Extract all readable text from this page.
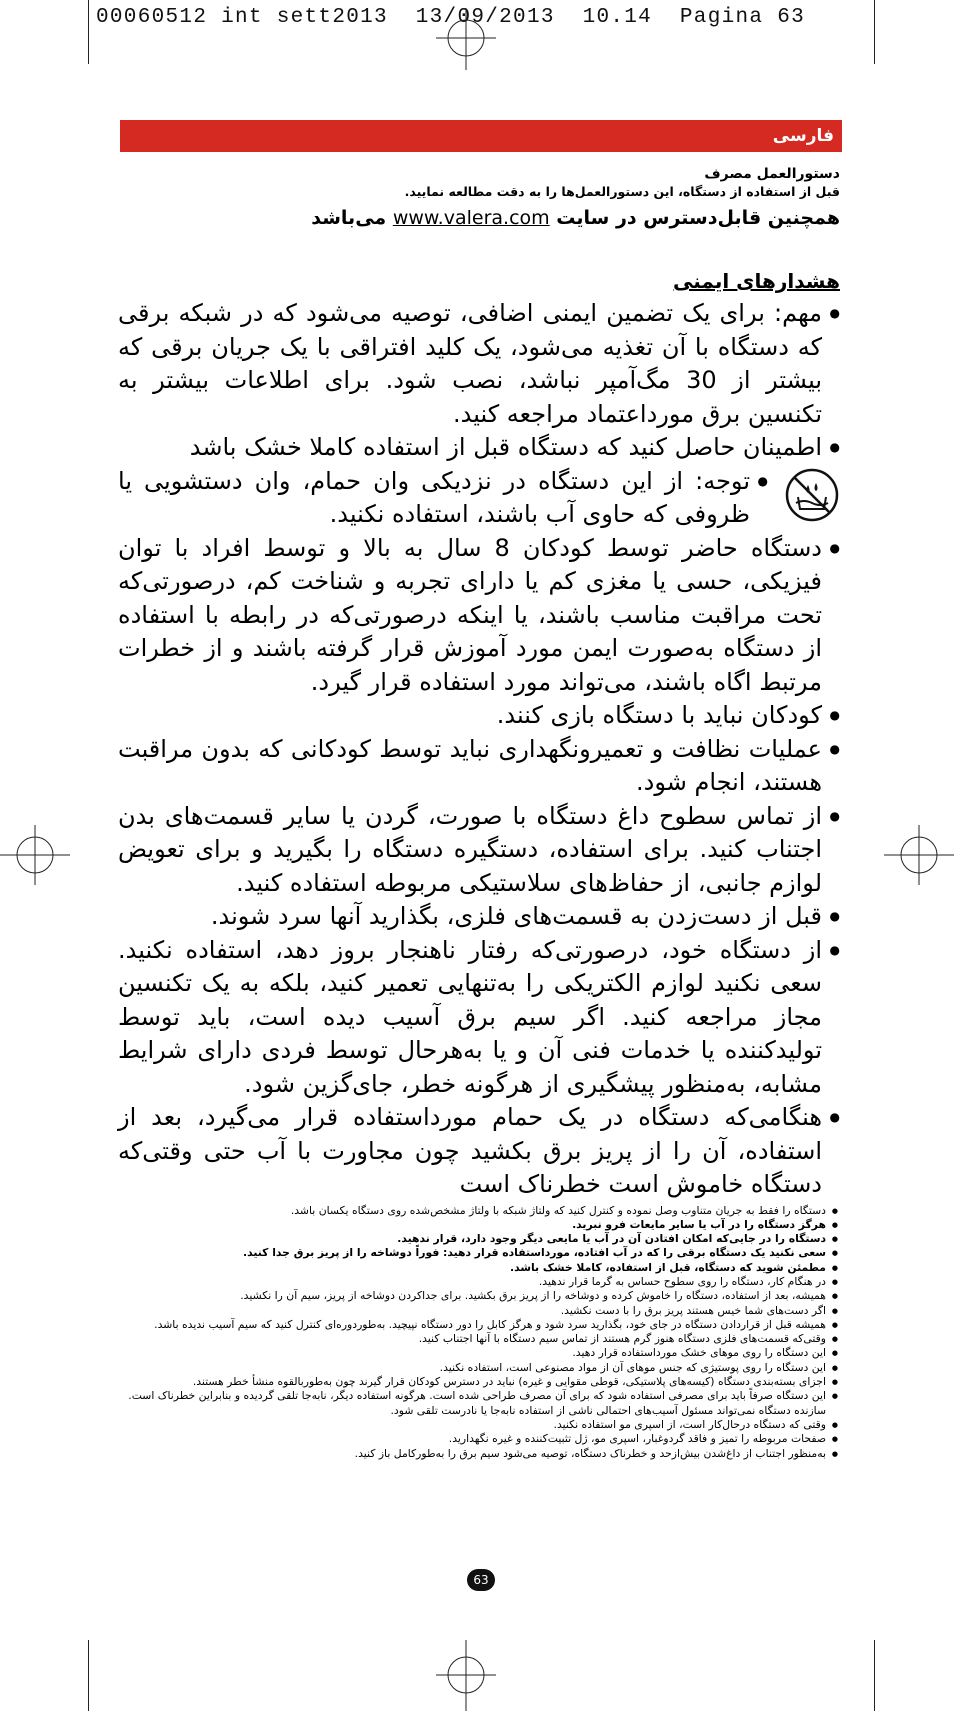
00060512 int sett2013  13/09/2013  10.14  Pagina 63
فارسی
دستورالعمل مصرف
قبل از استفاده از دستگاه، این دستورالعمل‌ها را به دقت مطالعه نمایید.
همچنین قابل‌دسترس در سایت www.valera.com می‌باشد
هشدارهای ایمنی
● مهم: برای یک تضمین ایمنی اضافی، توصیه می‌شود که در شبکه برقی که دستگاه با آن تغذیه می‌شود، یک کلید افتراقی با یک جریان برقی که بیشتر از 30 مگ‌آمپر نباشد، نصب شود. برای اطلاعات بیشتر به تکنسین برق مورداعتماد مراجعه کنید.
● اطمینان حاصل کنید که دستگاه قبل از استفاده کاملا خشک باشد
● توجه: از این دستگاه در نزدیکی وان حمام، وان دستشویی یا ظروفی که حاوی آب باشند، استفاده نکنید.
● دستگاه حاضر توسط کودکان 8 سال به بالا و توسط افراد با توان فیزیکی، حسی یا مغزی کم یا دارای تجربه و شناخت کم، درصورتی‌که تحت مراقبت مناسب باشند، یا اینکه درصورتی‌که در رابطه با استفاده از دستگاه به‌صورت ایمن مورد آموزش قرار گرفته باشند و از خطرات مرتبط اگاه باشند، می‌تواند مورد استفاده قرار گیرد.
● کودکان نباید با دستگاه بازی کنند.
● عملیات نظافت و تعمیرونگهداری نباید توسط کودکانی که بدون مراقبت هستند، انجام شود.
● از تماس سطوح داغ دستگاه با صورت، گردن یا سایر قسمت‌های بدن اجتناب کنید. برای استفاده، دستگیره دستگاه را بگیرید و برای تعویض لوازم جانبی، از حفاظ‌های سلاستیکی مربوطه استفاده کنید.
● قبل از دست‌زدن به قسمت‌های فلزی، بگذارید آنها سرد شوند.
● از دستگاه خود، درصورتی‌که رفتار ناهنجار بروز دهد، استفاده نکنید. سعی نکنید لوازم الکتریکی را به‌تنهایی تعمیر کنید، بلکه به یک تکنسین مجاز مراجعه کنید. اگر سیم برق آسیب دیده است، باید توسط تولیدکننده یا خدمات فنی آن و یا به‌هرحال توسط فردی دارای شرایط مشابه، به‌منظور پیشگیری از هرگونه خطر، جای‌گزین شود.
● هنگامی‌که دستگاه در یک حمام مورداستفاده قرار می‌گیرد، بعد از استفاده، آن را از پریز برق بکشید چون مجاورت با آب حتی وقتی‌که دستگاه خاموش است خطرناک است
● دستگاه را فقط به جریان متناوب وصل نموده و کنترل کنید که ولتاژ شبکه با ولتاژ مشخص‌شده روی دستگاه یکسان باشد.
● هرگز دستگاه را در آب یا سایر مایعات فرو نبرید.
● دستگاه را در جایی‌که امکان افتادن آن در آب یا مایعی دیگر وجود دارد، قرار ندهید.
● سعی نکنید یک دستگاه برقی را که در آب افتاده، مورداستفاده قرار دهید: فوراً دوشاخه را از پریز برق جدا کنید.
● مطمئن شوید که دستگاه، قبل از استفاده، کاملا خشک باشد.
● در هنگام کار، دستگاه را روی سطوح حساس به گرما قرار ندهید.
● همیشه، بعد از استفاده، دستگاه را خاموش کرده و دوشاخه را از پریز برق بکشید. برای جداکردن دوشاخه از پریز، سیم آن را نکشید.
● اگر دست‌های شما خیس هستند پریز برق را با دست نکشید.
● همیشه قبل از قراردادن دستگاه در جای خود، بگذارید سرد شود و هرگز کابل را دور دستگاه نپیچید. به‌طوردوره‌ای کنترل کنید که سیم آسیب ندیده باشد.
● وقتی‌که قسمت‌های فلزی دستگاه هنوز گرم هستند از تماس سیم دستگاه با آنها اجتناب کنید.
● این دستگاه را روی موهای خشک مورداستفاده قرار دهید.
● این دستگاه را روی پوستیژی که جنس موهای آن از مواد مصنوعی است، استفاده نکنید.
● اجزای بسته‌بندی دستگاه (کیسه‌های پلاستیکی، قوطی مقوایی و غیره) نباید در دسترس کودکان قرار گیرند چون به‌طوربالقوه منشأ خطر هستند.
● این دستگاه صرفاً باید برای مصرفی استفاده شود که برای آن مصرف طراحی شده است. هرگونه استفاده دیگر، نابه‌جا تلقی گردیده و بنابراین خطرناک است. سازنده دستگاه نمی‌تواند مسئول آسیب‌های احتمالی ناشی از استفاده نابه‌جا یا نادرست تلقی شود.
● وقتی که دستگاه درحال‌کار است، از اسپری مو استفاده نکنید.
● صفحات مربوطه را تمیز و فاقد گردوغبار، اسپری مو، ژل تثبیت‌کننده و غیره نگهدارید.
● به‌منظور اجتناب از داغ‌شدن بیش‌ازحد و خطرناک دستگاه، توصیه می‌شود سیم برق را به‌طورکامل باز کنید.
63
